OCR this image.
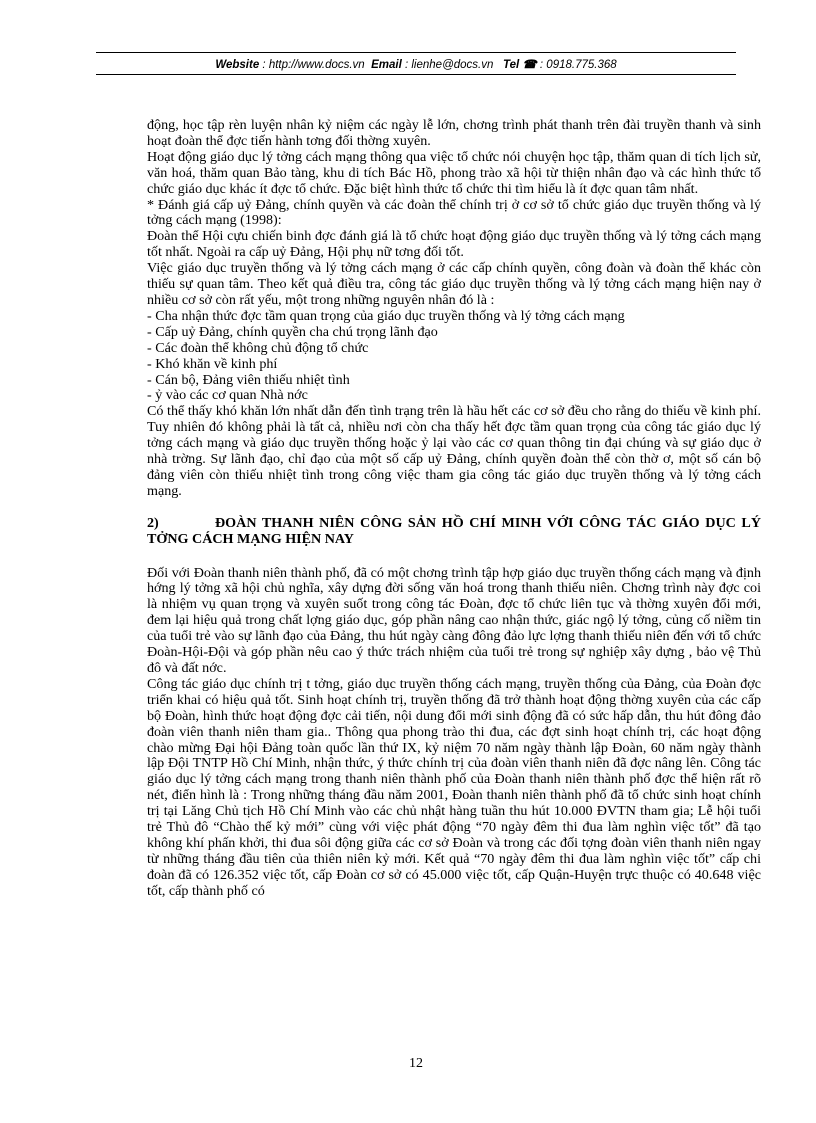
Website : http://www.docs.vn Email : lienhe@docs.vn Tel ☎ : 0918.775.368

động, học tập rèn luyện nhân kỷ niệm các ngày lễ lớn, chơng trình phát thanh trên đài truyền thanh và sinh hoạt đoàn thể đợc tiến hành tơng đối thờng xuyên.

Hoạt động giáo dục lý tởng cách mạng thông qua việc tổ chức nói chuyện học tập, thăm quan di tích lịch sử, văn hoá, thăm quan Bảo tàng, khu di tích Bác Hồ, phong trào xã hội từ thiện nhân đạo và các hình thức tổ chức giáo dục khác ít đợc tổ chức. Đặc biệt hình thức tổ chức thi tìm hiểu là ít đợc quan tâm nhất.

* Đánh giá cấp uỷ Đảng, chính quyền và các đoàn thể chính trị ở cơ sở tổ chức giáo dục truyền thống và lý tởng cách mạng (1998):

Đoàn thể Hội cựu chiến binh đợc đánh giá là tổ chức hoạt động giáo dục truyền thống và lý tởng cách mạng tốt nhất. Ngoài ra cấp uỷ Đảng, Hội phụ nữ tơng đối tốt.

Việc giáo dục truyền thống và lý tởng cách mạng ở các cấp chính quyền, công đoàn và đoàn thể khác còn thiếu sự quan tâm. Theo kết quả điều tra, công tác giáo dục truyền thống và lý tởng cách mạng hiện nay ở nhiều cơ sở còn rất yếu, một trong những nguyên nhân đó là :

- Cha nhận thức đợc tầm quan trọng của giáo dục truyền thống và lý tởng cách mạng

- Cấp uỷ Đảng, chính quyền cha chú trọng lãnh đạo

- Các đoàn thể không chủ động tổ chức

- Khó khăn về kinh phí

- Cán bộ, Đảng viên thiếu nhiệt tình

- ỷ vào các cơ quan Nhà nớc

Có thể thấy khó khăn lớn nhất dẫn đến tình trạng trên là hầu hết các cơ sở đều cho rằng do thiếu về kinh phí. Tuy nhiên đó không phải là tất cả, nhiều nơi còn cha thấy hết đợc tầm quan trọng của công tác giáo dục lý tởng cách mạng và giáo dục truyền thống hoặc ỷ lại vào các cơ quan thông tin đại chúng và sự giáo dục ở nhà trờng. Sự lãnh đạo, chỉ đạo của một số cấp uỷ Đảng, chính quyền đoàn thể còn thờ ơ, một số cán bộ đảng viên còn thiếu nhiệt tình trong công việc tham gia công tác giáo dục truyền thống và lý tởng cách mạng.

2)	ĐOÀN THANH NIÊN CÔNG SẢN HỒ CHÍ MINH VỚI CÔNG TÁC GIÁO DỤC LÝ TỞNG CÁCH MẠNG HIỆN NAY

Đối với Đoàn thanh niên thành phố, đã có một chơng trình tập hợp giáo dục truyền thống cách mạng và định hớng lý tởng xã hội chủ nghĩa, xây dựng đời sống văn hoá trong thanh thiếu niên. Chơng trình này đợc coi là nhiệm vụ quan trọng và xuyên suốt trong công tác Đoàn, đợc tổ chức liên tục và thờng xuyên đổi mới, đem lại hiệu quả trong chất lợng giáo dục, góp phần nâng cao nhận thức, giác ngộ lý tởng, củng cố niềm tin của tuổi trẻ vào sự lãnh đạo của Đảng, thu hút ngày càng đông đảo lực lợng thanh thiếu niên đến với tổ chức Đoàn-Hội-Đội và góp phần nêu cao ý thức trách nhiệm của tuổi trẻ trong sự nghiệp xây dựng , bảo vệ Thủ đô và đất nớc.

Công tác giáo dục chính trị t tởng, giáo dục truyền thống cách mạng, truyền thống của Đảng, của Đoàn đợc triển khai có hiệu quả tốt. Sinh hoạt chính trị, truyền thống đã trở thành hoạt động thờng xuyên của các cấp bộ Đoàn, hình thức hoạt động đợc cải tiến, nội dung đổi mới sinh động đã có sức hấp dẫn, thu hút đông đảo đoàn viên thanh niên tham gia.. Thông qua phong trào thi đua, các đợt sinh hoạt chính trị, các hoạt động chào mừng Đại hội Đảng toàn quốc lần thứ IX, kỷ niệm 70 năm ngày thành lập Đoàn, 60 năm ngày thành lập Đội TNTP Hồ Chí Minh, nhận thức, ý thức chính trị của đoàn viên thanh niên đã đợc nâng lên. Công tác giáo dục lý tởng cách mạng trong thanh niên thành phố của Đoàn thanh niên thành phố đợc thể hiện rất rõ nét, điển hình là : Trong những tháng đầu năm 2001, Đoàn thanh niên thành phố đã tổ chức sinh hoạt chính trị tại Lăng Chủ tịch Hồ Chí Minh vào các chủ nhật hàng tuần thu hút 10.000 ĐVTN tham gia; Lễ hội tuổi trẻ Thủ đô “Chào thế kỷ mới” cùng với việc phát động “70 ngày đêm thi đua làm nghìn việc tốt” đã tạo không khí phấn khởi, thi đua sôi động giữa các cơ sở Đoàn và trong các đối tợng đoàn viên thanh niên ngay từ những tháng đầu tiên của thiên niên kỷ mới. Kết quả “70 ngày đêm thi đua làm nghìn việc tốt” cấp chi đoàn đã có 126.352 việc tốt, cấp Đoàn cơ sở có 45.000 việc tốt, cấp Quận-Huyện trực thuộc có 40.648 việc tốt, cấp thành phố có

12
